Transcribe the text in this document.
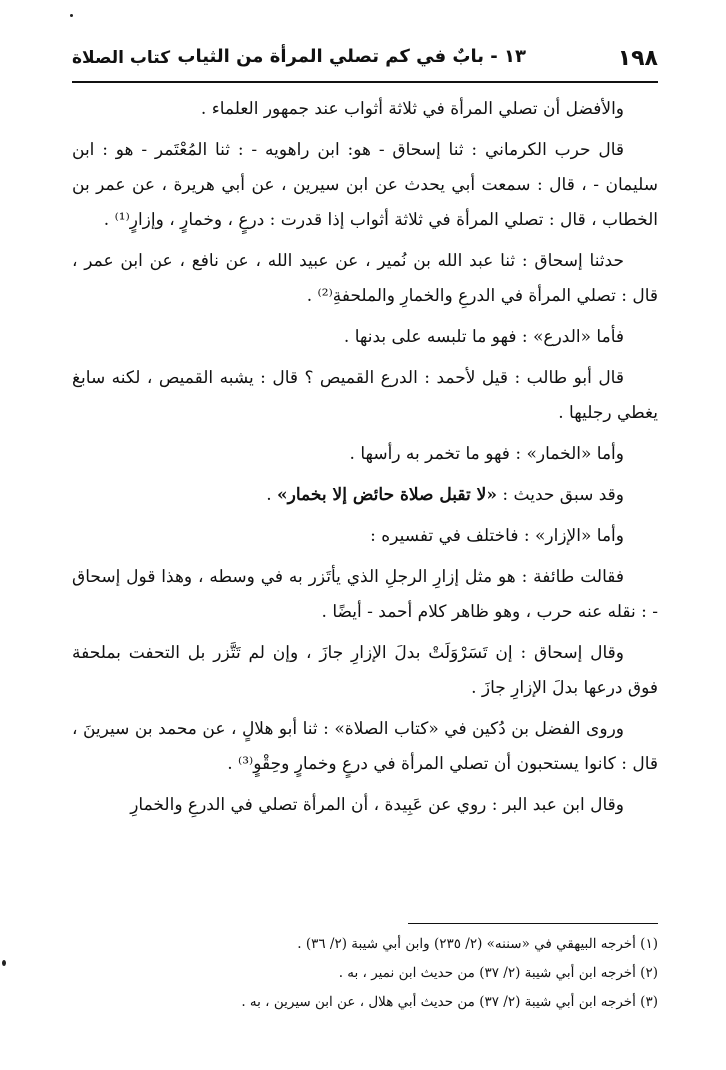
١٩٨
١٣ - بابٌ في كم تصلي المرأة من الثياب
كتاب الصلاة

والأفضل أن تصلي المرأة في ثلاثة أثواب عند جمهور العلماء .

قال حرب الكرماني : ثنا إسحاق - هو: ابن راهويه - : ثنا المُعْتَمر - هو : ابن سليمان - ، قال : سمعت أبي يحدث عن ابن سيرين ، عن أبي هريرة ، عن عمر بن الخطاب ، قال : تصلي المرأة في ثلاثة أثواب إذا قدرت : درعٍ ، وخمارٍ ، وإزارٍ⁽¹⁾ .

حدثنا إسحاق : ثنا عبد الله بن نُمير ، عن عبيد الله ، عن نافع ، عن ابن عمر ، قال : تصلي المرأة في الدرعِ والخمارِ والملحفةِ⁽²⁾ .

فأما «الدرع» : فهو ما تلبسه على بدنها .

قال أبو طالب : قيل لأحمد : الدرع القميص ؟ قال : يشبه القميص ، لكنه سابغ يغطي رجليها .

وأما «الخمار» : فهو ما تخمر به رأسها .

وقد سبق حديث : «لا تقبل صلاة حائض إلا بخمار» .

وأما «الإزار» : فاختلف في تفسيره :

فقالت طائفة : هو مثل إزارِ الرجلِ الذي يأتَزر به في وسطه ، وهذا قول إسحاق - : نقله عنه حرب ، وهو ظاهر كلام أحمد - أيضًا .

وقال إسحاق : إن تَسَرْوَلَتْ بدلَ الإزارِ جازَ ، وإن لم تَتَّزر بل التحفت بملحفة فوق درعها بدلَ الإزارِ جازَ .

وروى الفضل بن دُكين في «كتاب الصلاة» : ثنا أبو هلالٍ ، عن محمد بن سيرينَ ، قال : كانوا يستحبون أن تصلي المرأة في درعٍ وخمارٍ وحِقْوٍ⁽³⁾ .

وقال ابن عبد البر : روي عن عَبِيدة ، أن المرأة تصلي في الدرعِ والخمارِ

(١) أخرجه البيهقي في «سننه» (٢/ ٢٣٥) وابن أبي شيبة (٢/ ٣٦) .
(٢) أخرجه ابن أبي شيبة (٢/ ٣٧) من حديث ابن نمير ، به .
(٣) أخرجه ابن أبي شيبة (٢/ ٣٧) من حديث أبي هلال ، عن ابن سيرين ، به .
